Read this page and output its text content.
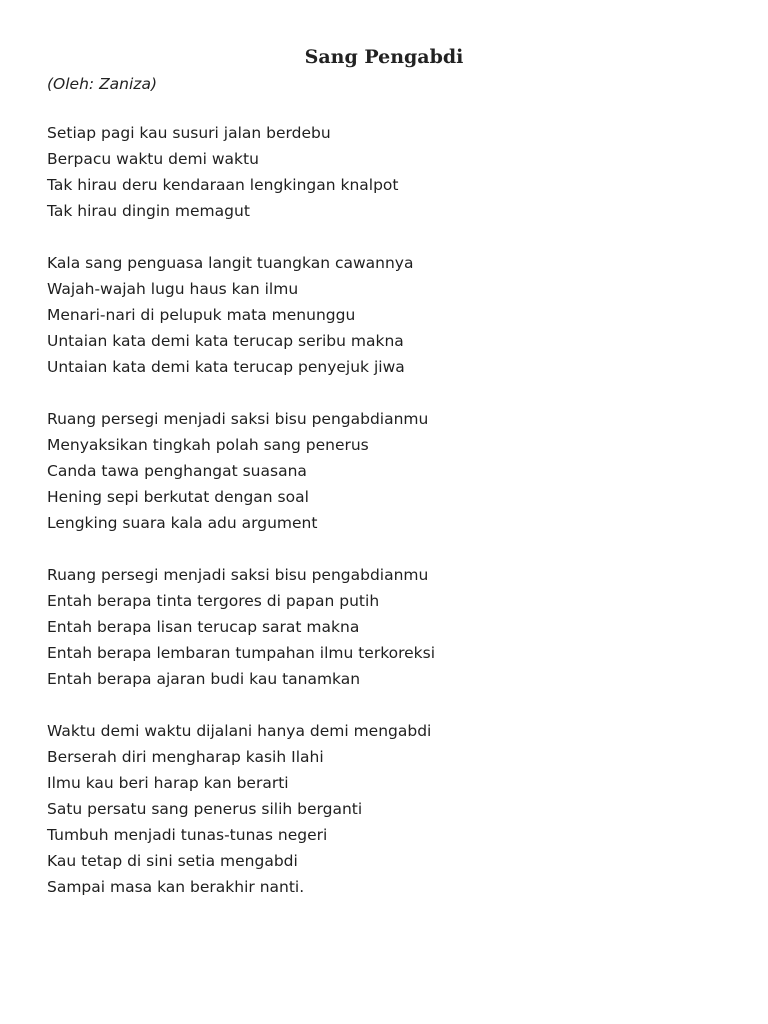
Sang Pengabdi
(Oleh: Zaniza)
Setiap pagi kau susuri jalan berdebu
Berpacu waktu demi waktu
Tak hirau deru kendaraan lengkingan knalpot
Tak hirau dingin memagut
Kala sang penguasa langit tuangkan cawannya
Wajah-wajah lugu haus kan ilmu
Menari-nari di pelupuk mata menunggu
Untaian kata demi kata terucap seribu makna
Untaian kata demi kata terucap penyejuk jiwa
Ruang persegi menjadi saksi bisu pengabdianmu
Menyaksikan tingkah polah sang penerus
Canda tawa penghangat suasana
Hening sepi berkutat dengan soal
Lengking suara kala adu argument
Ruang persegi menjadi saksi bisu pengabdianmu
Entah berapa tinta tergores di papan putih
Entah berapa lisan terucap sarat makna
Entah berapa lembaran tumpahan ilmu terkoreksi
Entah berapa ajaran budi kau tanamkan
Waktu demi waktu dijalani hanya demi mengabdi
Berserah diri mengharap kasih Ilahi
Ilmu kau beri harap kan berarti
Satu persatu sang penerus silih berganti
Tumbuh menjadi tunas-tunas negeri
Kau tetap di sini setia mengabdi
Sampai masa kan berakhir nanti.
